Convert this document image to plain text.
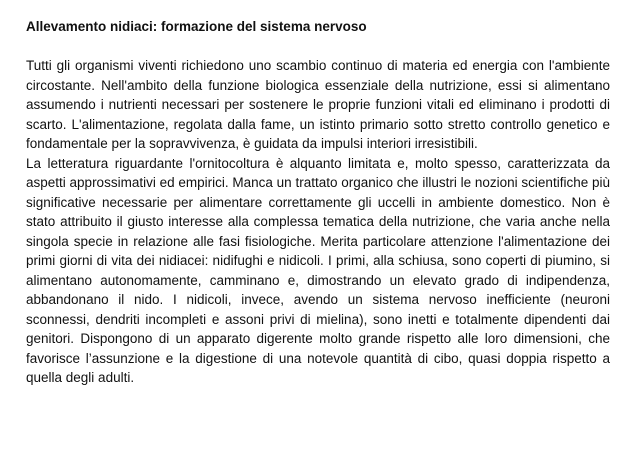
Allevamento nidiaci: formazione del sistema nervoso

Tutti gli organismi viventi richiedono uno scambio continuo di materia ed energia con l'ambiente circostante. Nell'ambito della funzione biologica essenziale della nutrizione, essi si alimentano assumendo i nutrienti necessari per sostenere le proprie funzioni vitali ed eliminano i prodotti di scarto. L'alimentazione, regolata dalla fame, un istinto primario sotto stretto controllo genetico e fondamentale per la sopravvivenza, è guidata da impulsi interiori irresistibili.

La letteratura riguardante l'ornitocoltura è alquanto limitata e, molto spesso, caratterizzata da aspetti approssimativi ed empirici. Manca un trattato organico che illustri le nozioni scientifiche più significative necessarie per alimentare correttamente gli uccelli in ambiente domestico. Non è stato attribuito il giusto interesse alla complessa tematica della nutrizione, che varia anche nella singola specie in relazione alle fasi fisiologiche. Merita particolare attenzione l'alimentazione dei primi giorni di vita dei nidiacei: nidifughi e nidicoli. I primi, alla schiusa, sono coperti di piumino, si alimentano autonomamente, camminano e, dimostrando un elevato grado di indipendenza, abbandonano il nido. I nidicoli, invece, avendo un sistema nervoso inefficiente (neuroni sconnessi, dendriti incompleti e assoni privi di mielina), sono inetti e totalmente dipendenti dai genitori. Dispongono di un apparato digerente molto grande rispetto alle loro dimensioni, che favorisce l’assunzione e la digestione di una notevole quantità di cibo, quasi doppia rispetto a quella degli adulti.
